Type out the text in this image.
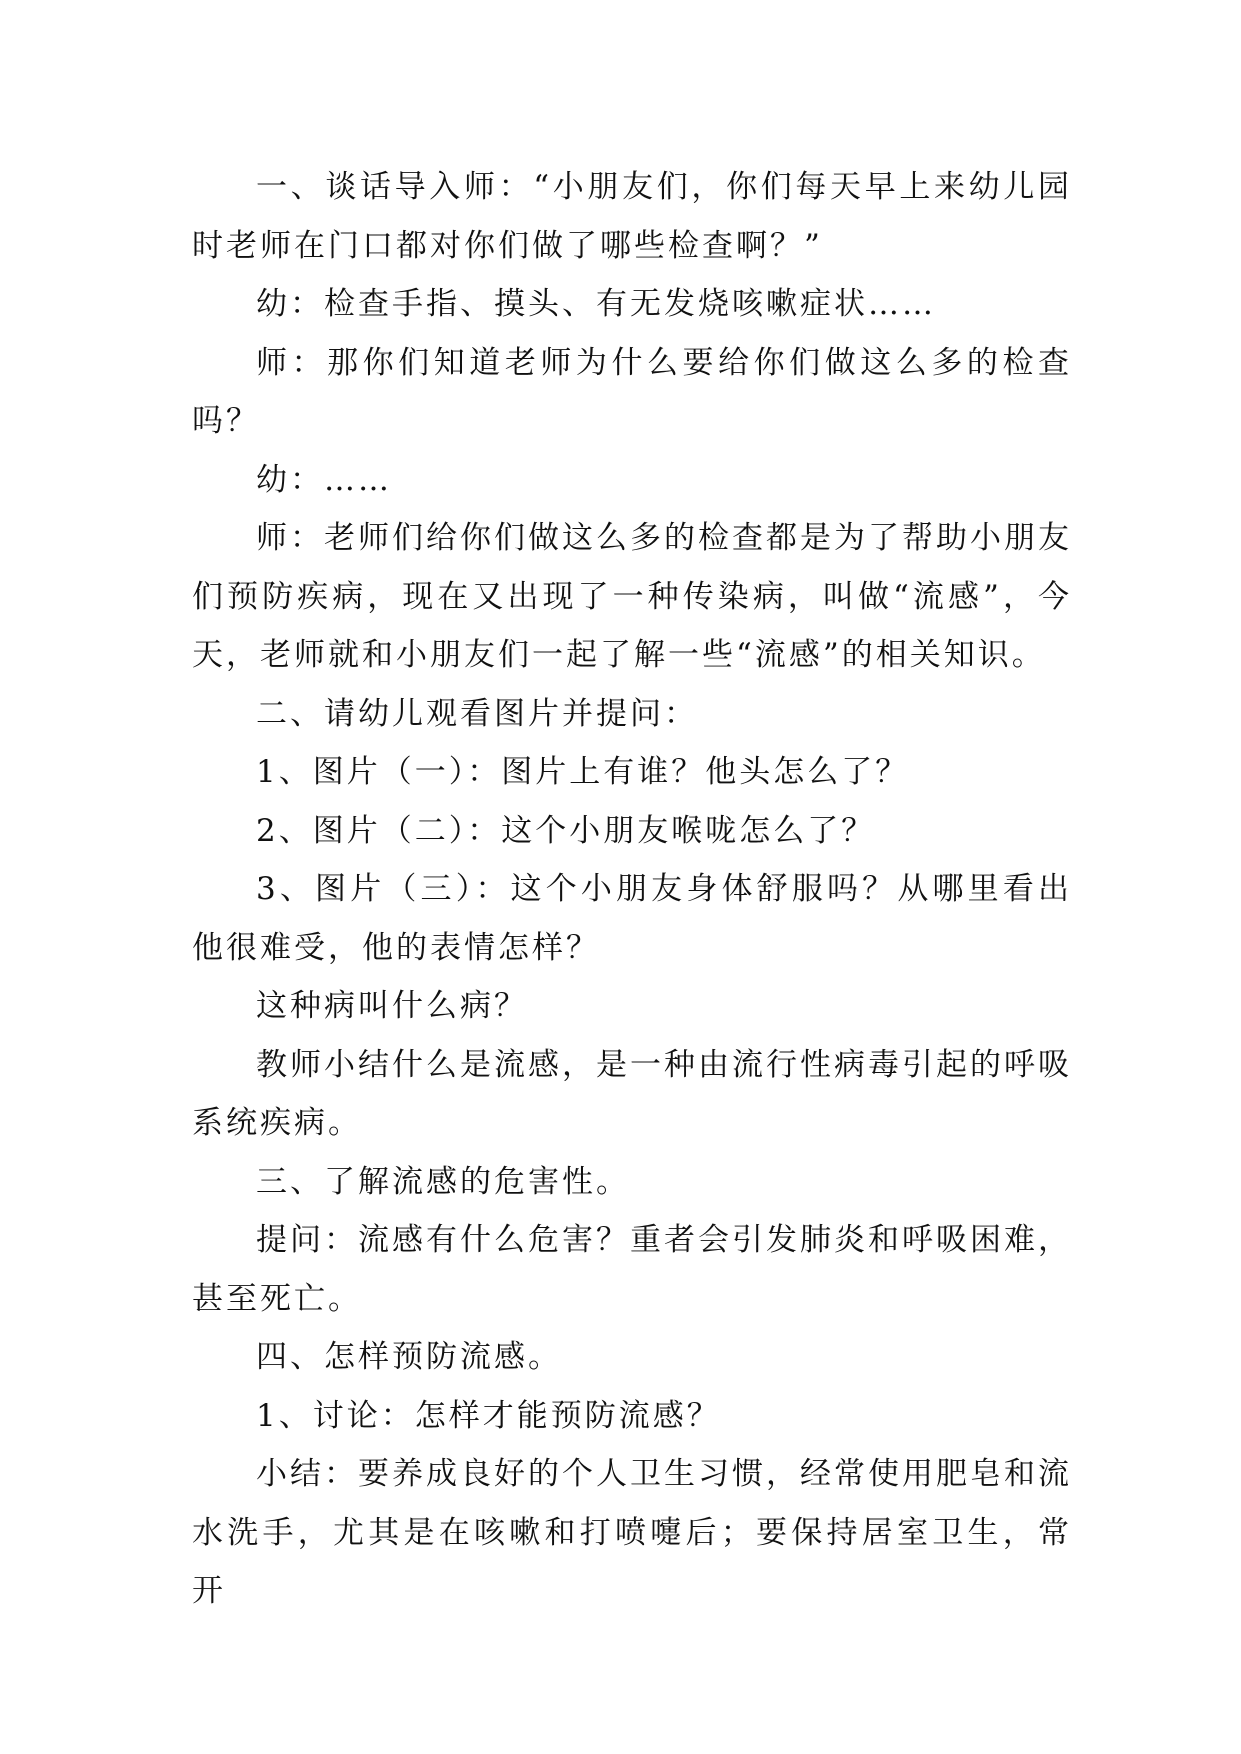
一、谈话导入师：“小朋友们，你们每天早上来幼儿园时老师在门口都对你们做了哪些检查啊？”

幼：检查手指、摸头、有无发烧咳嗽症状……

师：那你们知道老师为什么要给你们做这么多的检查吗？

幼：……

师：老师们给你们做这么多的检查都是为了帮助小朋友们预防疾病，现在又出现了一种传染病，叫做“流感”，今天，老师就和小朋友们一起了解一些“流感”的相关知识。

二、请幼儿观看图片并提问：

1、图片（一）：图片上有谁？他头怎么了？

2、图片（二）：这个小朋友喉咙怎么了？

3、图片（三）：这个小朋友身体舒服吗？从哪里看出他很难受，他的表情怎样？

这种病叫什么病？

教师小结什么是流感，是一种由流行性病毒引起的呼吸系统疾病。

三、了解流感的危害性。

提问：流感有什么危害？重者会引发肺炎和呼吸困难，甚至死亡。

四、怎样预防流感。

1、讨论：怎样才能预防流感？

小结：要养成良好的个人卫生习惯，经常使用肥皂和流水洗手，尤其是在咳嗽和打喷嚏后；要保持居室卫生，常开
